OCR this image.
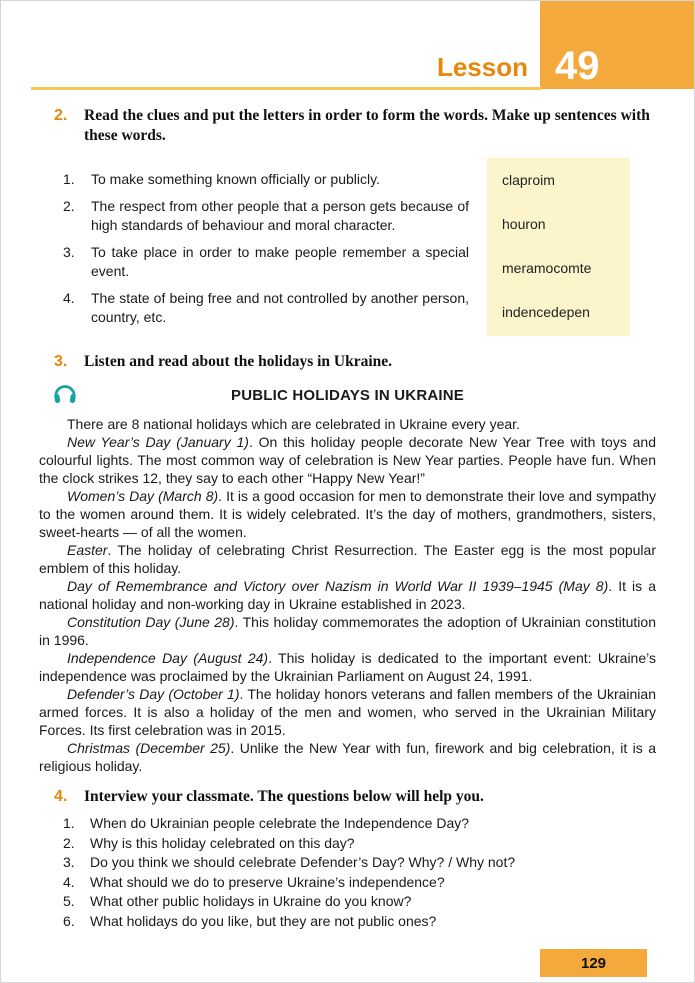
Lesson 49
2.	Read the clues and put the letters in order to form the words. Make up sentences with these words.
1.	To make something known officially or publicly.
2.	The respect from other people that a person gets because of high standards of behaviour and moral character.
3.	To take place in order to make people remember a special event.
4.	The state of being free and not controlled by another person, country, etc.
claproim
houron
meramocomte
indencedepen
3.	Listen and read about the holidays in Ukraine.
PUBLIC HOLIDAYS IN UKRAINE

There are 8 national holidays which are celebrated in Ukraine every year.

New Year’s Day (January 1). On this holiday people decorate New Year Tree with toys and colourful lights. The most common way of celebration is New Year parties. People have fun. When the clock strikes 12, they say to each other “Happy New Year!”

Women’s Day (March 8). It is a good occasion for men to demonstrate their love and sympathy to the women around them. It is widely celebrated. It’s the day of mothers, grandmothers, sisters, sweet-hearts — of all the women.

Easter. The holiday of celebrating Christ Resurrection. The Easter egg is the most popular emblem of this holiday.

Day of Remembrance and Victory over Nazism in World War II 1939–1945 (May 8). It is a national holiday and non-working day in Ukraine established in 2023.

Constitution Day (June 28). This holiday commemorates the adoption of Ukrainian constitution in 1996.

Independence Day (August 24). This holiday is dedicated to the important event: Ukraine’s independence was proclaimed by the Ukrainian Parliament on August 24, 1991.

Defender’s Day (October 1). The holiday honors veterans and fallen members of the Ukrainian armed forces. It is also a holiday of the men and women, who served in the Ukrainian Military Forces. Its first celebration was in 2015.

Christmas (December 25). Unlike the New Year with fun, firework and big celebration, it is a religious holiday.

4.	Interview your classmate. The questions below will help you.
1.	When do Ukrainian people celebrate the Independence Day?
2.	Why is this holiday celebrated on this day?
3.	Do you think we should celebrate Defender’s Day? Why? / Why not?
4.	What should we do to preserve Ukraine’s independence?
5.	What other public holidays in Ukraine do you know?
6.	What holidays do you like, but they are not public ones?
129
